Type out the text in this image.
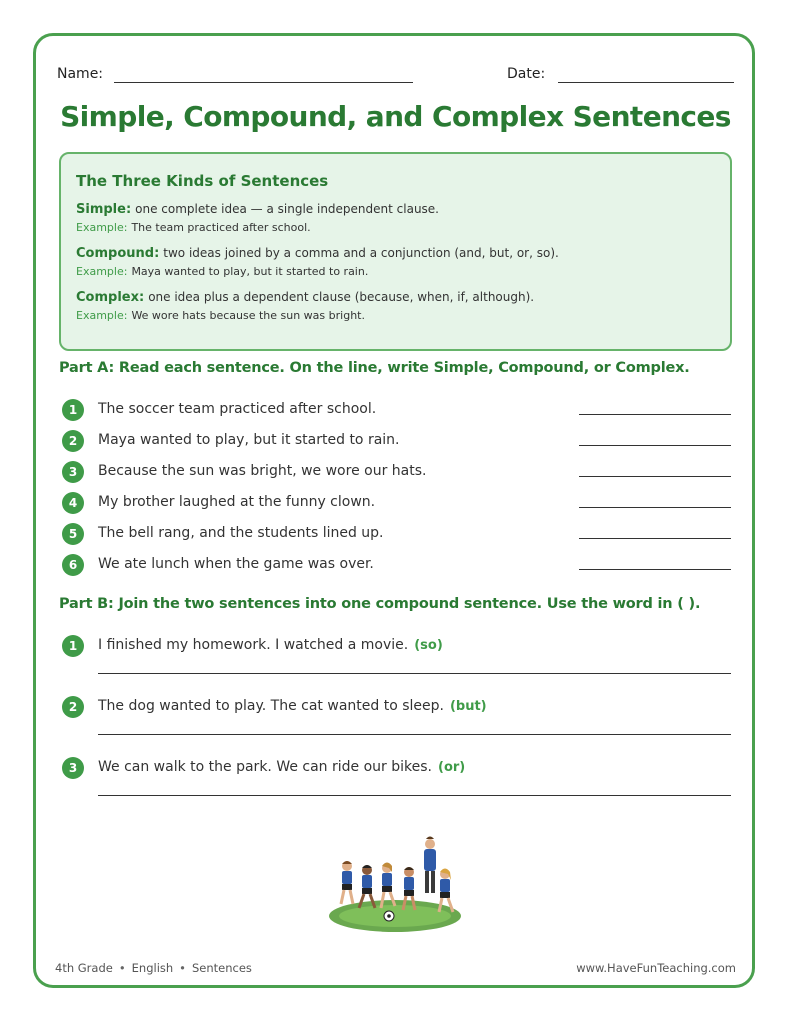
Name:	Date:
Simple, Compound, and Complex Sentences
The Three Kinds of Sentences
Simple: one complete idea — a single independent clause.
Example: The team practiced after school.
Compound: two ideas joined by a comma and a conjunction (and, but, or, so).
Example: Maya wanted to play, but it started to rain.
Complex: one idea plus a dependent clause (because, when, if, although).
Example: We wore hats because the sun was bright.
Part A: Read each sentence. On the line, write Simple, Compound, or Complex.
1	The soccer team practiced after school.
2	Maya wanted to play, but it started to rain.
3	Because the sun was bright, we wore our hats.
4	My brother laughed at the funny clown.
5	The bell rang, and the students lined up.
6	We ate lunch when the game was over.
Part B: Join the two sentences into one compound sentence. Use the word in ( ).
1	I finished my homework. I watched a movie. (so)
2	The dog wanted to play. The cat wanted to sleep. (but)
3	We can walk to the park. We can ride our bikes. (or)
4th Grade • English • Sentences	www.HaveFunTeaching.com
